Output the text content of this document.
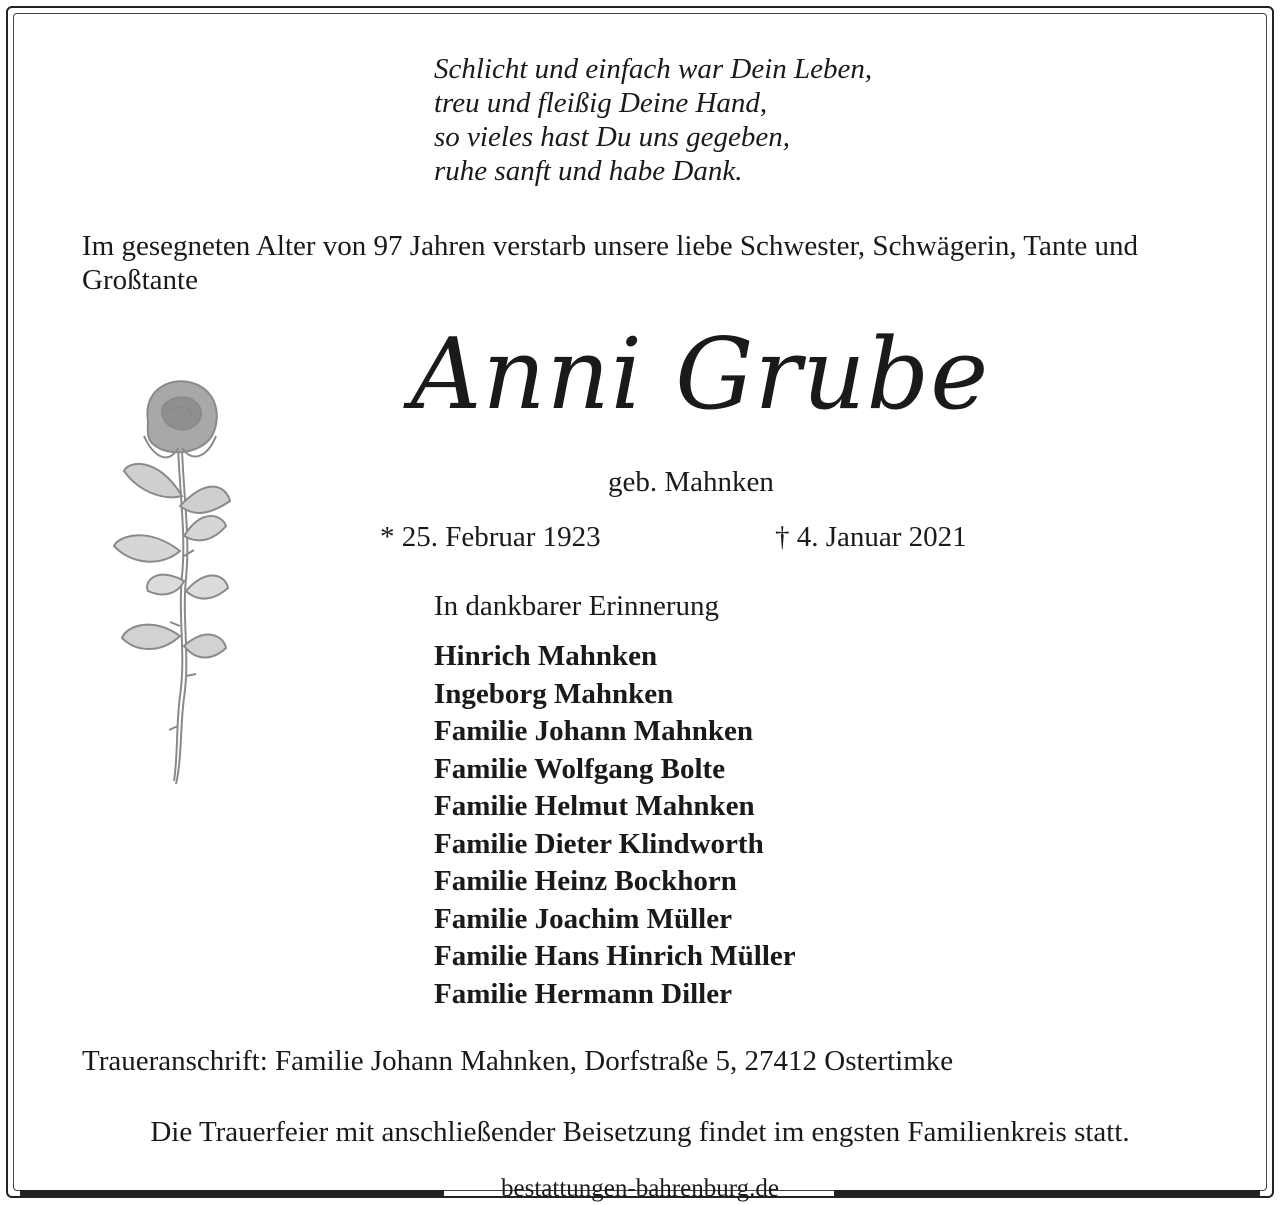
Schlicht und einfach war Dein Leben,
treu und fleißig Deine Hand,
so vieles hast Du uns gegeben,
ruhe sanft und habe Dank.
Im gesegneten Alter von 97 Jahren verstarb unsere liebe Schwester, Schwägerin, Tante und Großtante
Anni Grube
geb. Mahnken
* 25. Februar 1923	† 4. Januar 2021
In dankbarer Erinnerung
Hinrich Mahnken
Ingeborg Mahnken
Familie Johann Mahnken
Familie Wolfgang Bolte
Familie Helmut Mahnken
Familie Dieter Klindworth
Familie Heinz Bockhorn
Familie Joachim Müller
Familie Hans Hinrich Müller
Familie Hermann Diller
Traueranschrift: Familie Johann Mahnken, Dorfstraße 5, 27412 Ostertimke
Die Trauerfeier mit anschließender Beisetzung findet im engsten Familienkreis statt.
bestattungen-bahrenburg.de
